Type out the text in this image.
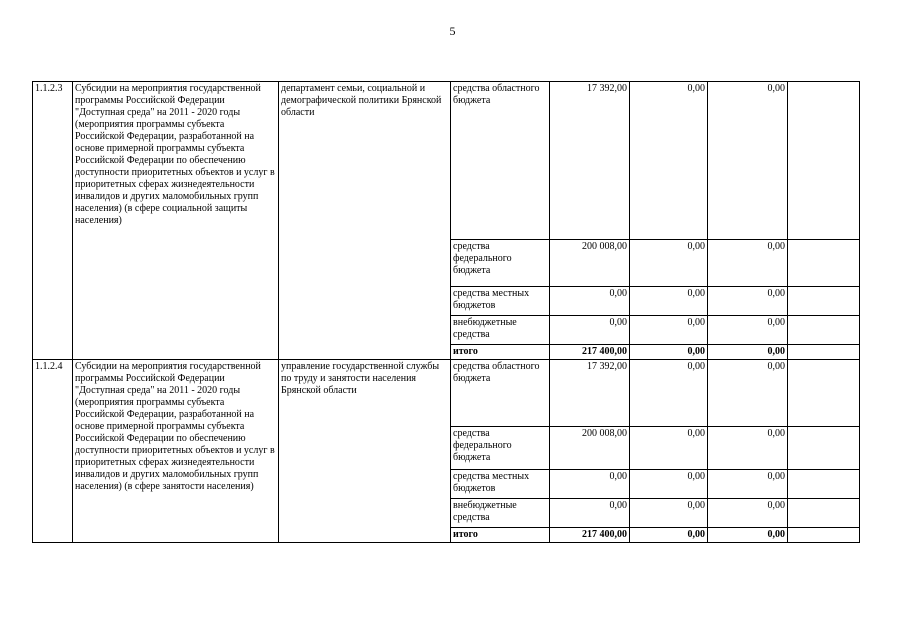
5
1.1.2.3	Субсидии на мероприятия государственной программы Российской Федерации "Доступная среда" на 2011 - 2020 годы (мероприятия программы субъекта Российской Федерации, разработанной на основе примерной программы субъекта Российской Федерации по обеспечению доступности приоритетных объектов и услуг в приоритетных сферах жизнедеятельности инвалидов и других маломобильных групп населения) (в сфере социальной защиты населения)	департамент семьи, социальной и демографической политики Брянской области	средства областного бюджета	17 392,00	0,00	0,00	
			средства федерального бюджета	200 008,00	0,00	0,00	
			средства местных бюджетов	0,00	0,00	0,00	
			внебюджетные средства	0,00	0,00	0,00	
			итого	217 400,00	0,00	0,00	
1.1.2.4	Субсидии на мероприятия государственной программы Российской Федерации "Доступная среда" на 2011 - 2020 годы (мероприятия программы субъекта Российской Федерации, разработанной на основе примерной программы субъекта Российской Федерации по обеспечению доступности приоритетных объектов и услуг в приоритетных сферах жизнедеятельности инвалидов и других маломобильных групп населения) (в сфере занятости населения)	управление государственной службы по труду и занятости населения Брянской области	средства областного бюджета	17 392,00	0,00	0,00	
			средства федерального бюджета	200 008,00	0,00	0,00	
			средства местных бюджетов	0,00	0,00	0,00	
			внебюджетные средства	0,00	0,00	0,00	
			итого	217 400,00	0,00	0,00	
